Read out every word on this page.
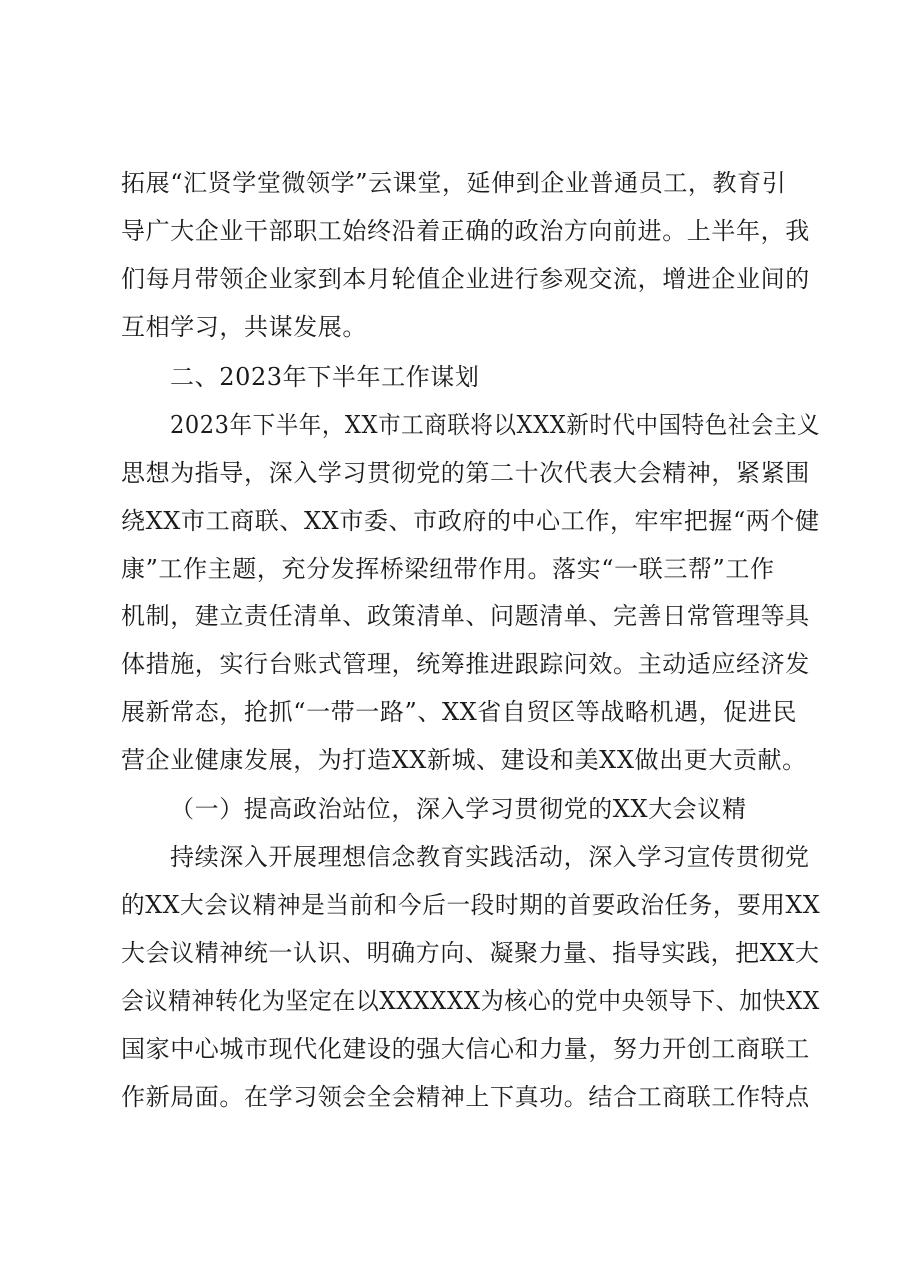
拓展“汇贤学堂微领学”云课堂，延伸到企业普通员工，教育引
导广大企业干部职工始终沿着正确的政治方向前进。上半年，我
们每月带领企业家到本月轮值企业进行参观交流，增进企业间的
互相学习，共谋发展。
二、2023年下半年工作谋划
2023年下半年，XX市工商联将以XXX新时代中国特色社会主义
思想为指导，深入学习贯彻党的第二十次代表大会精神，紧紧围
绕XX市工商联、XX市委、市政府的中心工作，牢牢把握“两个健
康”工作主题，充分发挥桥梁纽带作用。落实“一联三帮”工作
机制，建立责任清单、政策清单、问题清单、完善日常管理等具
体措施，实行台账式管理，统筹推进跟踪问效。主动适应经济发
展新常态，抢抓“一带一路”、XX省自贸区等战略机遇，促进民
营企业健康发展，为打造XX新城、建设和美XX做出更大贡献。
（一）提高政治站位，深入学习贯彻党的XX大会议精
持续深入开展理想信念教育实践活动，深入学习宣传贯彻党
的XX大会议精神是当前和今后一段时期的首要政治任务，要用XX
大会议精神统一认识、明确方向、凝聚力量、指导实践，把XX大
会议精神转化为坚定在以XXXXXX为核心的党中央领导下、加快XX
国家中心城市现代化建设的强大信心和力量，努力开创工商联工
作新局面。在学习领会全会精神上下真功。结合工商联工作特点
